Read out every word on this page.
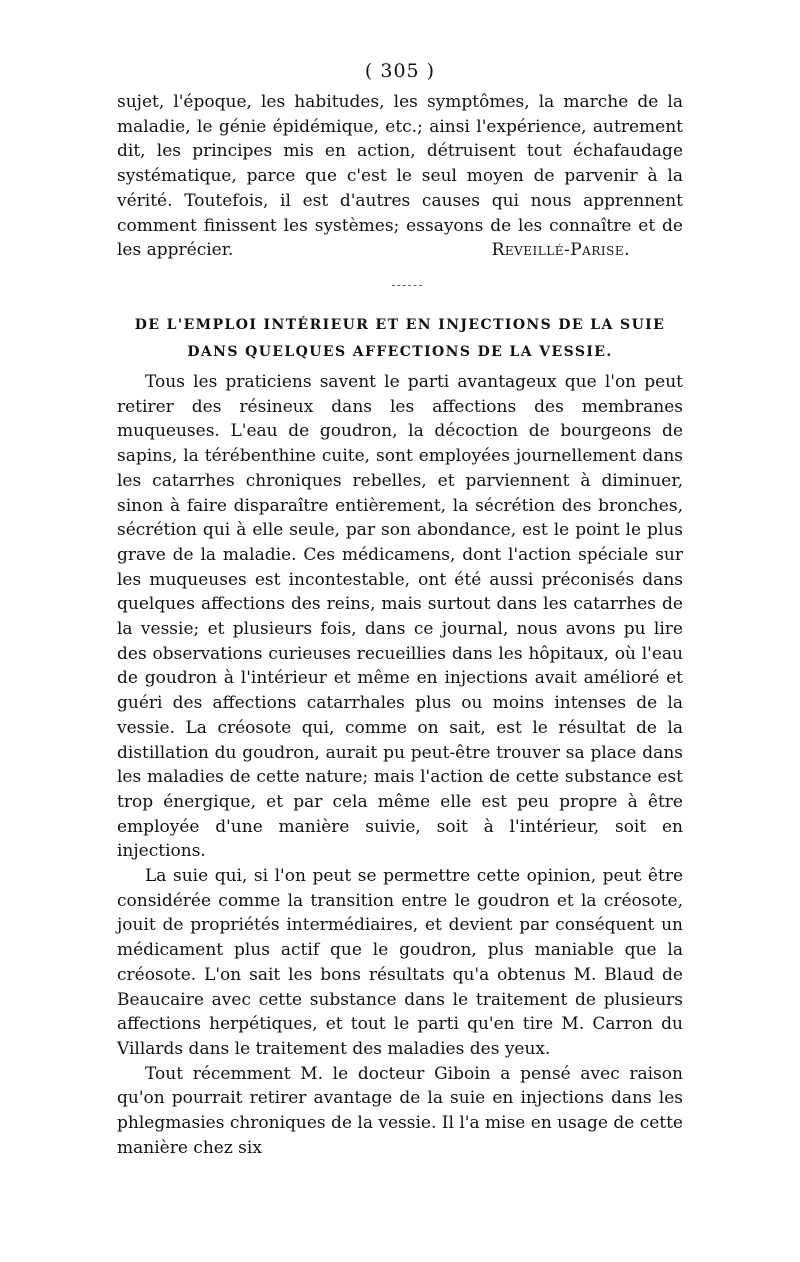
( 305 )

sujet, l'époque, les habitudes, les symptômes, la marche de la maladie, le génie épidémique, etc.; ainsi l'expérience, autrement dit, les principes mis en action, détruisent tout échafaudage systématique, parce que c'est le seul moyen de parvenir à la vérité. Toutefois, il est d'autres causes qui nous apprennent comment finissent les systèmes; essayons de les connaître et de les apprécier.	Reveillé-Parise.
DE L'EMPLOI INTÉRIEUR ET EN INJECTIONS DE LA SUIE DANS QUELQUES AFFECTIONS DE LA VESSIE.

Tous les praticiens savent le parti avantageux que l'on peut retirer des résineux dans les affections des membranes muqueuses. L'eau de goudron, la décoction de bourgeons de sapins, la térébenthine cuite, sont employées journellement dans les catarrhes chroniques rebelles, et parviennent à diminuer, sinon à faire disparaître entièrement, la sécrétion des bronches, sécrétion qui à elle seule, par son abondance, est le point le plus grave de la maladie. Ces médicamens, dont l'action spéciale sur les muqueuses est incontestable, ont été aussi préconisés dans quelques affections des reins, mais surtout dans les catarrhes de la vessie; et plusieurs fois, dans ce journal, nous avons pu lire des observations curieuses recueillies dans les hôpitaux, où l'eau de goudron à l'intérieur et même en injections avait amélioré et guéri des affections catarrhales plus ou moins intenses de la vessie. La créosote qui, comme on sait, est le résultat de la distillation du goudron, aurait pu peut-être trouver sa place dans les maladies de cette nature; mais l'action de cette substance est trop énergique, et par cela même elle est peu propre à être employée d'une manière suivie, soit à l'intérieur, soit en injections.

La suie qui, si l'on peut se permettre cette opinion, peut être considérée comme la transition entre le goudron et la créosote, jouit de propriétés intermédiaires, et devient par conséquent un médicament plus actif que le goudron, plus maniable que la créosote. L'on sait les bons résultats qu'a obtenus M. Blaud de Beaucaire avec cette substance dans le traitement de plusieurs affections herpétiques, et tout le parti qu'en tire M. Carron du Villards dans le traitement des maladies des yeux.

Tout récemment M. le docteur Giboin a pensé avec raison qu'on pourrait retirer avantage de la suie en injections dans les phlegmasies chroniques de la vessie. Il l'a mise en usage de cette manière chez six
